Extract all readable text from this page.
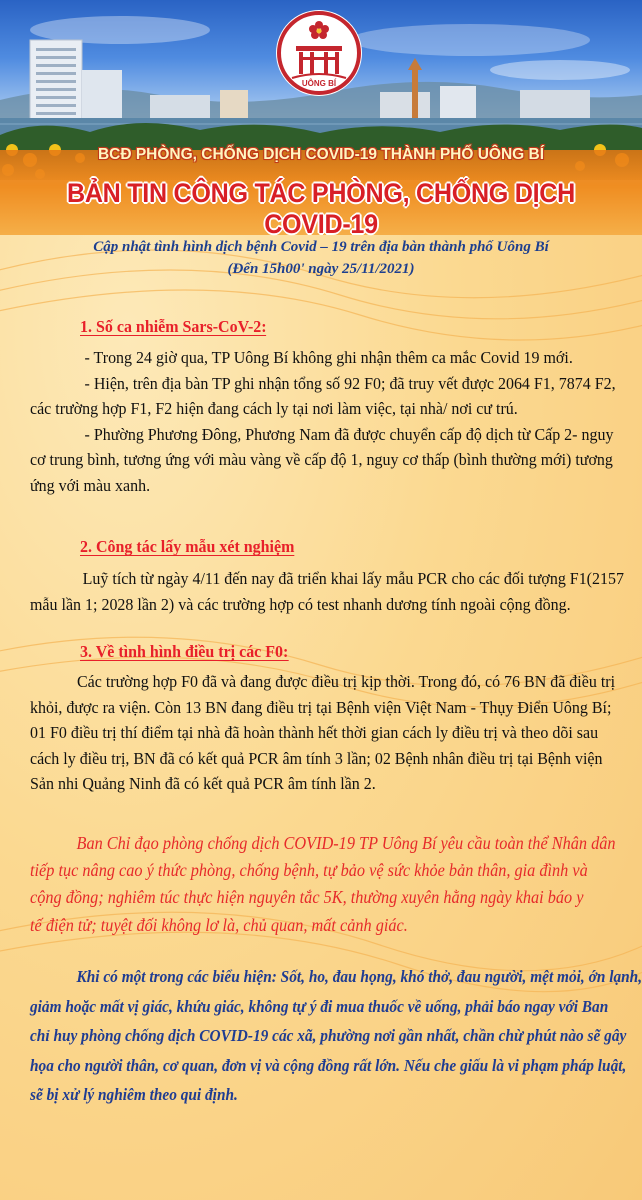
UÔNG BÍ
BCĐ PHÒNG, CHỐNG DỊCH COVID-19 THÀNH PHỐ UÔNG BÍ
BẢN TIN CÔNG TÁC PHÒNG, CHỐNG DỊCH COVID-19
Cập nhật tình hình dịch bệnh Covid – 19 trên địa bàn thành phố Uông Bí
(Đến 15h00' ngày 25/11/2021)
1. Số ca nhiễm Sars-CoV-2:
- Trong 24 giờ qua, TP Uông Bí không ghi nhận thêm ca mắc Covid 19 mới.
- Hiện, trên địa bàn TP ghi nhận tổng số 92 F0; đã truy vết được 2064 F1, 7874 F2,
các trường hợp F1, F2 hiện đang cách ly tại nơi làm việc, tại nhà/ nơi cư trú.
- Phường Phương Đông, Phương Nam đã được chuyển cấp độ dịch từ Cấp 2- nguy
cơ trung bình, tương ứng với màu vàng về cấp độ 1, nguy cơ thấp (bình thường mới) tương
ứng với màu xanh.
2. Công tác lấy mẫu xét nghiệm
Luỹ tích từ ngày 4/11 đến nay đã triển khai lấy mẫu PCR cho các đối tượng F1(2157
mẫu lần 1; 2028 lần 2) và các trường hợp có test nhanh dương tính ngoài cộng đồng.
3. Về tình hình điều trị các F0:
Các trường hợp F0 đã và đang được điều trị kịp thời. Trong đó, có 76 BN đã điều trị
khỏi, được ra viện. Còn 13 BN đang điều trị tại Bệnh viện Việt Nam - Thụy Điển Uông Bí;
01 F0 điều trị thí điểm tại nhà đã hoàn thành hết thời gian cách ly điều trị và theo dõi sau
cách ly điều trị, BN đã có kết quả PCR âm tính 3 lần; 02 Bệnh nhân điều trị tại Bệnh viện
Sản nhi Quảng Ninh đã có kết quả PCR âm tính lần 2.
Ban Chỉ đạo phòng chống dịch COVID-19 TP Uông Bí yêu cầu toàn thể Nhân dân
tiếp tục nâng cao ý thức phòng, chống bệnh, tự bảo vệ sức khỏe bản thân, gia đình và
cộng đồng; nghiêm túc thực hiện nguyên tắc 5K, thường xuyên hằng ngày khai báo y
tế điện tử; tuyệt đối không lơ là, chủ quan, mất cảnh giác.
Khi có một trong các biểu hiện: Sốt, ho, đau họng, khó thở, đau người, mệt mỏi, ớn lạnh,
giảm hoặc mất vị giác, khứu giác, không tự ý đi mua thuốc về uống, phải báo ngay với Ban
chỉ huy phòng chống dịch COVID-19 các xã, phường nơi gần nhất, chần chừ phút nào sẽ gây
họa cho người thân, cơ quan, đơn vị và cộng đồng rất lớn. Nếu che giấu là vi phạm pháp luật,
sẽ bị xử lý nghiêm theo qui định.
